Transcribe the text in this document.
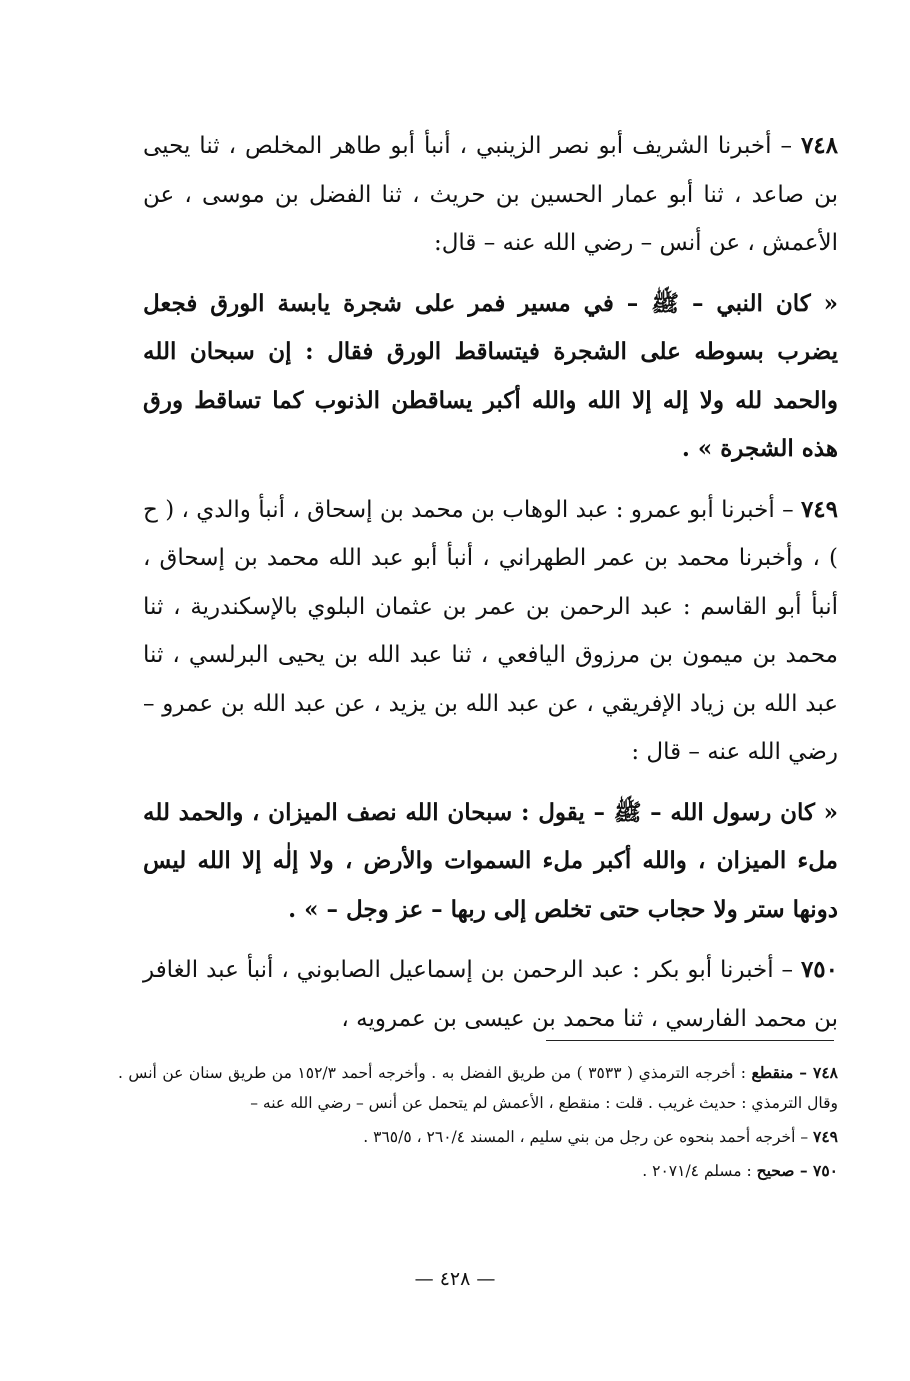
٧٤٨ – أخبرنا الشريف أبو نصر الزينبي ، أنبأ أبو طاهر المخلص ، ثنا يحيى بن صاعد ، ثنا أبو عمار الحسين بن حريث ، ثنا الفضل بن موسى ، عن الأعمش ، عن أنس – رضي الله عنه – قال:

« كان النبي – ﷺ – في مسير فمر على شجرة يابسة الورق فجعل يضرب بسوطه على الشجرة فيتساقط الورق فقال : إن سبحان الله والحمد لله ولا إله إلا الله والله أكبر يساقطن الذنوب كما تساقط ورق هذه الشجرة » .

٧٤٩ – أخبرنا أبو عمرو : عبد الوهاب بن محمد بن إسحاق ، أنبأ والدي ، ( ح ) ، وأخبرنا محمد بن عمر الطهراني ، أنبأ أبو عبد الله محمد بن إسحاق ، أنبأ أبو القاسم : عبد الرحمن بن عمر بن عثمان البلوي بالإسكندرية ، ثنا محمد بن ميمون بن مرزوق اليافعي ، ثنا عبد الله بن يحيى البرلسي ، ثنا عبد الله بن زياد الإفريقي ، عن عبد الله بن يزيد ، عن عبد الله بن عمرو – رضي الله عنه – قال :

« كان رسول الله – ﷺ – يقول : سبحان الله نصف الميزان ، والحمد لله ملء الميزان ، والله أكبر ملء السموات والأرض ، ولا إلٰه إلا الله ليس دونها ستر ولا حجاب حتى تخلص إلى ربها – عز وجل – » .

٧٥٠ – أخبرنا أبو بكر : عبد الرحمن بن إسماعيل الصابوني ، أنبأ عبد الغافر بن محمد الفارسي ، ثنا محمد بن عيسى بن عمرويه ،

٧٤٨ – منقطع : أخرجه الترمذي ( ٣٥٣٣ ) من طريق الفضل به . وأخرجه أحمد ١٥٢/٣ من طريق سنان عن أنس . وقال الترمذي : حديث غريب . قلت : منقطع ، الأعمش لم يتحمل عن أنس – رضي الله عنه –

٧٤٩ – أخرجه أحمد بنحوه عن رجل من بني سليم ، المسند ٢٦٠/٤ ، ٣٦٥/٥ .

٧٥٠ – صحيح : مسلم ٢٠٧١/٤ .

— ٤٢٨ —
